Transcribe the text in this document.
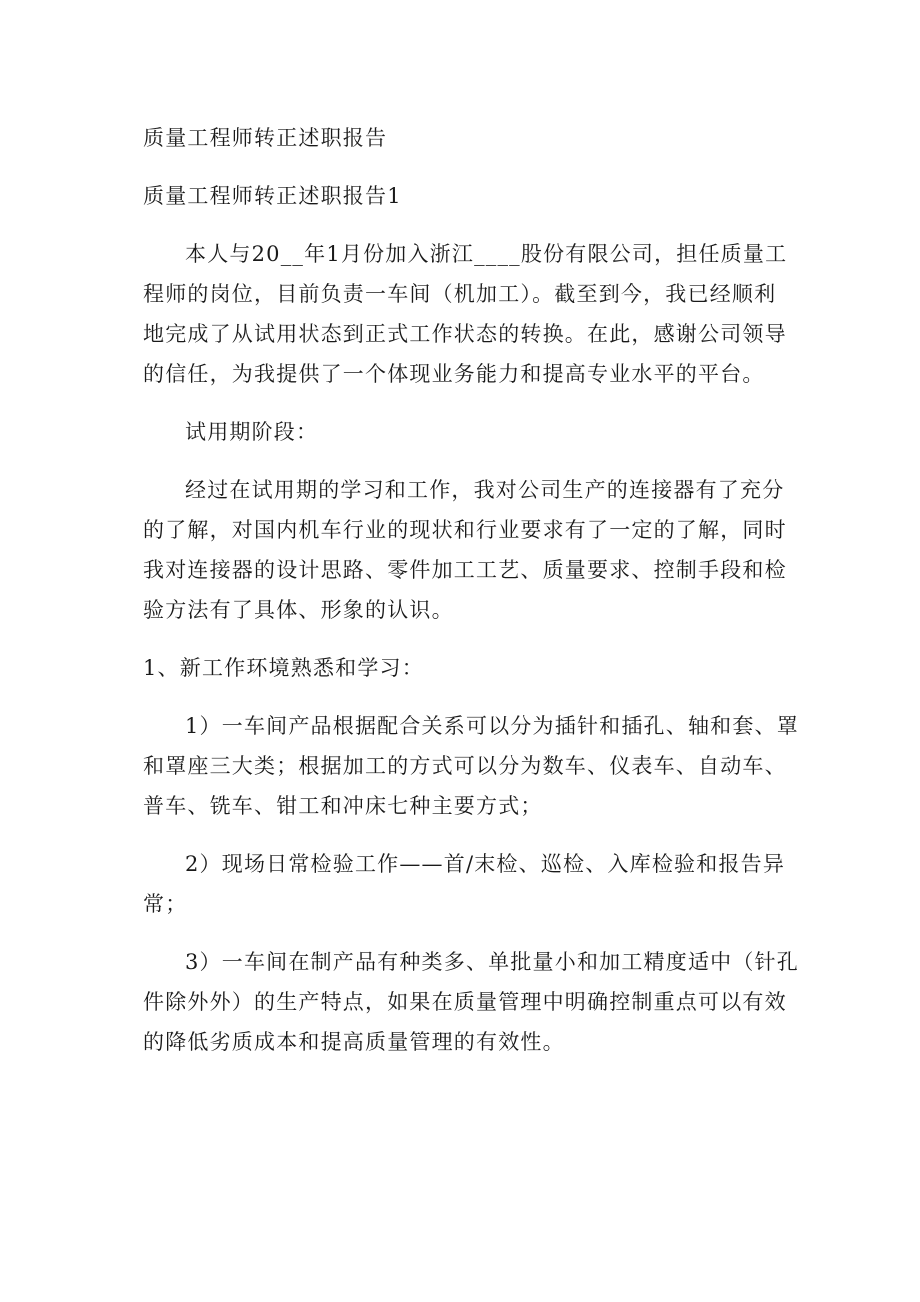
质量工程师转正述职报告
质量工程师转正述职报告1
本人与20__年1月份加入浙江____股份有限公司，担任质量工
程师的岗位，目前负责一车间（机加工）。截至到今，我已经顺利
地完成了从试用状态到正式工作状态的转换。在此，感谢公司领导
的信任，为我提供了一个体现业务能力和提高专业水平的平台。
试用期阶段：
经过在试用期的学习和工作，我对公司生产的连接器有了充分
的了解，对国内机车行业的现状和行业要求有了一定的了解，同时
我对连接器的设计思路、零件加工工艺、质量要求、控制手段和检
验方法有了具体、形象的认识。
1、新工作环境熟悉和学习：
1）一车间产品根据配合关系可以分为插针和插孔、轴和套、罩
和罩座三大类；根据加工的方式可以分为数车、仪表车、自动车、
普车、铣车、钳工和冲床七种主要方式；
2）现场日常检验工作——首/末检、巡检、入库检验和报告异
常；
3）一车间在制产品有种类多、单批量小和加工精度适中（针孔
件除外外）的生产特点，如果在质量管理中明确控制重点可以有效
的降低劣质成本和提高质量管理的有效性。
